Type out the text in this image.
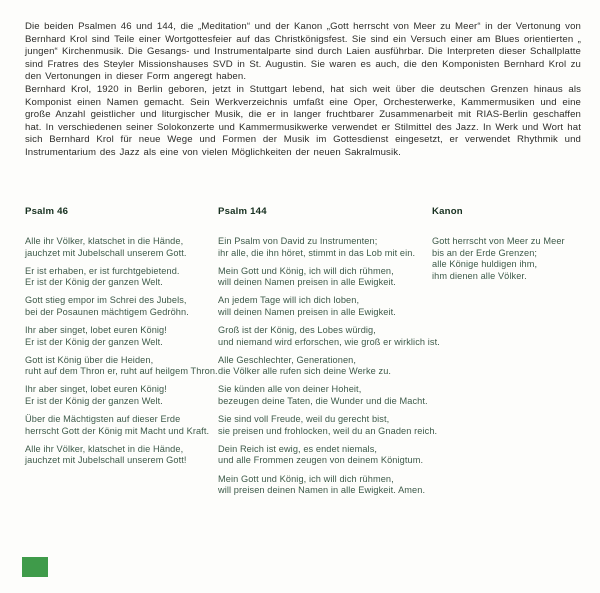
Die beiden Psalmen 46 und 144, die „Meditation“ und der Kanon „Gott herrscht von Meer zu Meer“ in der Vertonung von Bernhard Krol sind Teile einer Wortgottesfeier auf das Christkönigsfest. Sie sind ein Versuch einer am Blues orientierten „ jungen“ Kirchenmusik. Die Gesangs- und Instrumentalparte sind durch Laien ausführbar. Die Interpreten dieser Schallplatte sind Fratres des Steyler Missionshauses SVD in St. Augustin. Sie waren es auch, die den Komponisten Bernhard Krol zu den Vertonungen in dieser Form angeregt haben.

Bernhard Krol, 1920 in Berlin geboren, jetzt in Stuttgart lebend, hat sich weit über die deutschen Grenzen hinaus als Komponist einen Namen gemacht. Sein Werkverzeichnis umfaßt eine Oper, Orchesterwerke, Kammermusiken und eine große Anzahl geistlicher und liturgischer Musik, die er in langer fruchtbarer Zusammenarbeit mit RIAS-Berlin geschaffen hat. In verschiedenen seiner Solokonzerte und Kammermusikwerke verwendet er Stilmittel des Jazz. In Werk und Wort hat sich Bernhard Krol für neue Wege und Formen der Musik im Gottesdienst eingesetzt, er verwendet Rhythmik und Instrumentarium des Jazz als eine von vielen Möglichkeiten der neuen Sakralmusik.

Psalm 46

Alle ihr Völker, klatschet in die Hände,
jauchzet mit Jubelschall unserem Gott.

Er ist erhaben, er ist furchtgebietend.
Er ist der König der ganzen Welt.

Gott stieg empor im Schrei des Jubels,
bei der Posaunen mächtigem Gedröhn.

Ihr aber singet, lobet euren König!
Er ist der König der ganzen Welt.

Gott ist König über die Heiden,
ruht auf dem Thron er, ruht auf heilgem Thron.

Ihr aber singet, lobet euren König!
Er ist der König der ganzen Welt.

Über die Mächtigsten auf dieser Erde
herrscht Gott der König mit Macht und Kraft.

Alle ihr Völker, klatschet in die Hände,
jauchzet mit Jubelschall unserem Gott!

Psalm 144

Ein Psalm von David zu Instrumenten;
ihr alle, die ihn höret, stimmt in das Lob mit ein.

Mein Gott und König, ich will dich rühmen,
will deinen Namen preisen in alle Ewigkeit.

An jedem Tage will ich dich loben,
will deinen Namen preisen in alle Ewigkeit.

Groß ist der König, des Lobes würdig,
und niemand wird erforschen, wie groß er wirklich ist.

Alle Geschlechter, Generationen,
die Völker alle rufen sich deine Werke zu.

Sie künden alle von deiner Hoheit,
bezeugen deine Taten, die Wunder und die Macht.

Sie sind voll Freude, weil du gerecht bist,
sie preisen und frohlocken, weil du an Gnaden reich.

Dein Reich ist ewig, es endet niemals,
und alle Frommen zeugen von deinem Königtum.

Mein Gott und König, ich will dich rühmen,
will preisen deinen Namen in alle Ewigkeit. Amen.

Kanon

Gott herrscht von Meer zu Meer
bis an der Erde Grenzen;
alle Könige huldigen ihm,
ihm dienen alle Völker.
